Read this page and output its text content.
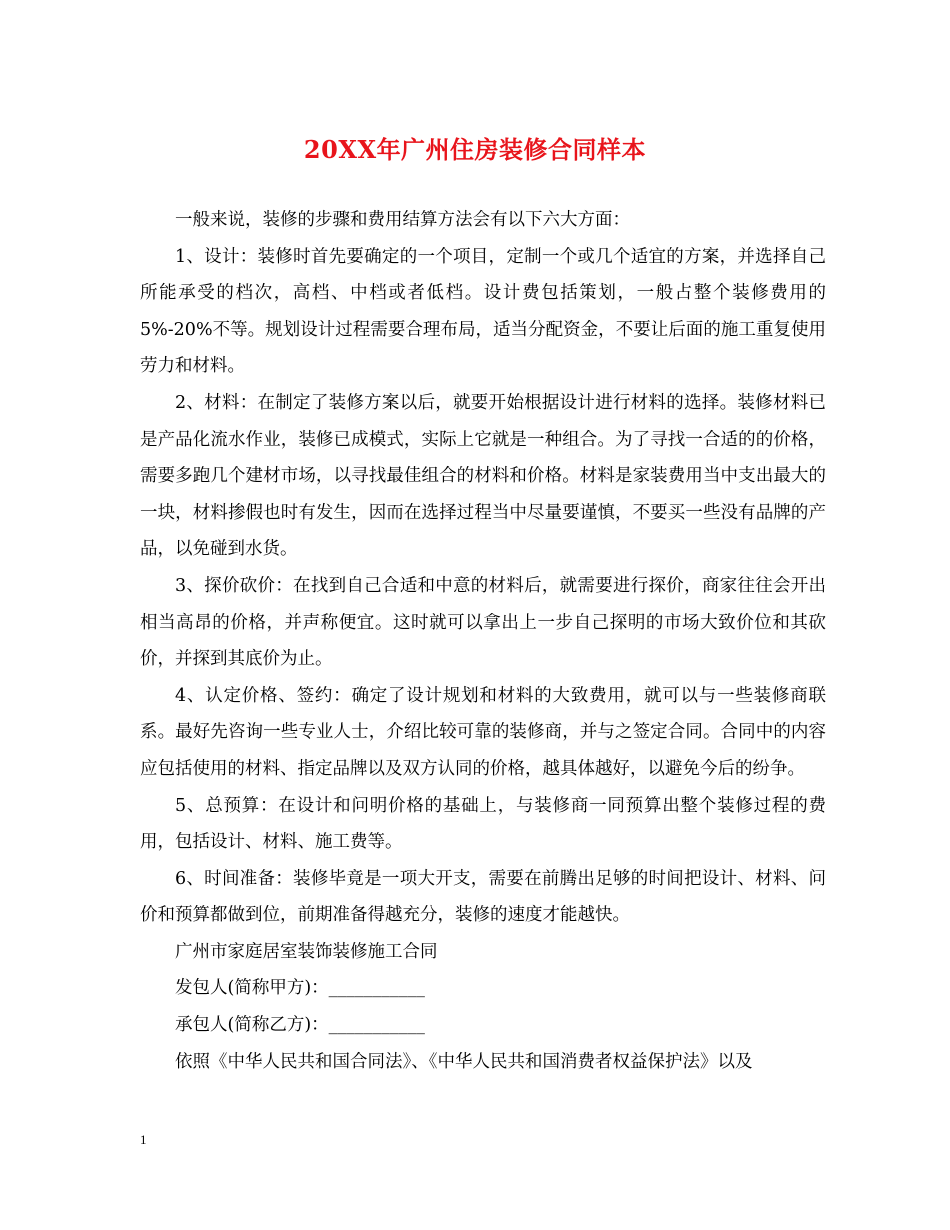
20XX年广州住房装修合同样本

一般来说，装修的步骤和费用结算方法会有以下六大方面：

1、设计：装修时首先要确定的一个项目，定制一个或几个适宜的方案，并选择自己所能承受的档次，高档、中档或者低档。设计费包括策划，一般占整个装修费用的5%-20%不等。规划设计过程需要合理布局，适当分配资金，不要让后面的施工重复使用劳力和材料。

2、材料：在制定了装修方案以后，就要开始根据设计进行材料的选择。装修材料已是产品化流水作业，装修已成模式，实际上它就是一种组合。为了寻找一合适的的价格，需要多跑几个建材市场，以寻找最佳组合的材料和价格。材料是家装费用当中支出最大的一块，材料掺假也时有发生，因而在选择过程当中尽量要谨慎，不要买一些没有品牌的产品，以免碰到水货。

3、探价砍价：在找到自己合适和中意的材料后，就需要进行探价，商家往往会开出相当高昂的价格，并声称便宜。这时就可以拿出上一步自己探明的市场大致价位和其砍价，并探到其底价为止。

4、认定价格、签约：确定了设计规划和材料的大致费用，就可以与一些装修商联系。最好先咨询一些专业人士，介绍比较可靠的装修商，并与之签定合同。合同中的内容应包括使用的材料、指定品牌以及双方认同的价格，越具体越好，以避免今后的纷争。

5、总预算：在设计和问明价格的基础上，与装修商一同预算出整个装修过程的费用，包括设计、材料、施工费等。

6、时间准备：装修毕竟是一项大开支，需要在前腾出足够的时间把设计、材料、问价和预算都做到位，前期准备得越充分，装修的速度才能越快。

广州市家庭居室装饰装修施工合同

发包人(简称甲方)：___________

承包人(简称乙方)：___________

依照《中华人民共和国合同法》、《中华人民共和国消费者权益保护法》以及

1
